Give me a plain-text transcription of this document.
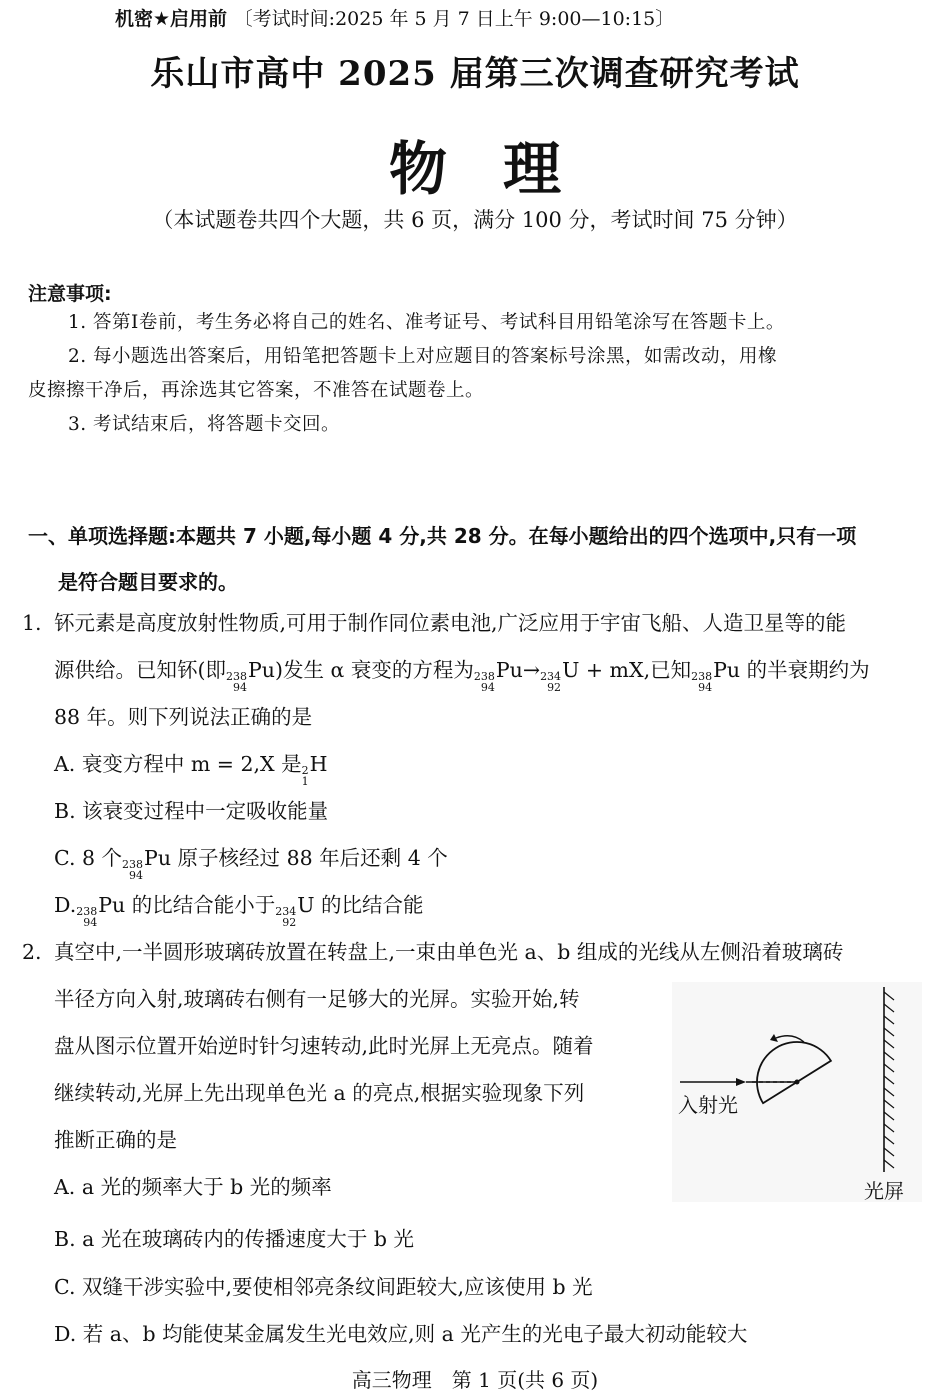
机密★启用前 〔考试时间:2025 年 5 月 7 日上午 9:00—10:15〕
乐山市高中 2025 届第三次调查研究考试
物理
（本试题卷共四个大题，共 6 页，满分 100 分，考试时间 75 分钟）
注意事项:
1. 答第Ⅰ卷前，考生务必将自己的姓名、准考证号、考试科目用铅笔涂写在答题卡上。
2. 每小题选出答案后，用铅笔把答题卡上对应题目的答案标号涂黑，如需改动，用橡
皮擦擦干净后，再涂选其它答案，不准答在试题卷上。
3. 考试结束后，将答题卡交回。
一、单项选择题:本题共 7 小题,每小题 4 分,共 28 分。在每小题给出的四个选项中,只有一项
是符合题目要求的。
1. 钚元素是高度放射性物质,可用于制作同位素电池,广泛应用于宇宙飞船、人造卫星等的能
源供给。已知钚(即 238
94
Pu)发生 α 衰变的方程为 238
94
Pu→ 234
92
U + mX,已知 238
94
Pu 的半衰期约为
88 年。则下列说法正确的是
A. 衰变方程中 m = 2,X 是 2
1
H
B. 该衰变过程中一定吸收能量
C. 8 个 238
94
Pu 原子核经过 88 年后还剩 4 个
D. 238
94
Pu 的比结合能小于 234
92
U 的比结合能
2. 真空中,一半圆形玻璃砖放置在转盘上,一束由单色光 a、b 组成的光线从左侧沿着玻璃砖
半径方向入射,玻璃砖右侧有一足够大的光屏。实验开始,转
盘从图示位置开始逆时针匀速转动,此时光屏上无亮点。随着
继续转动,光屏上先出现单色光 a 的亮点,根据实验现象下列
推断正确的是
A. a 光的频率大于 b 光的频率
B. a 光在玻璃砖内的传播速度大于 b 光
C. 双缝干涉实验中,要使相邻亮条纹间距较大,应该使用 b 光
D. 若 a、b 均能使某金属发生光电效应,则 a 光产生的光电子最大初动能较大
入射光
光屏
高三物理　第 1 页(共 6 页)
